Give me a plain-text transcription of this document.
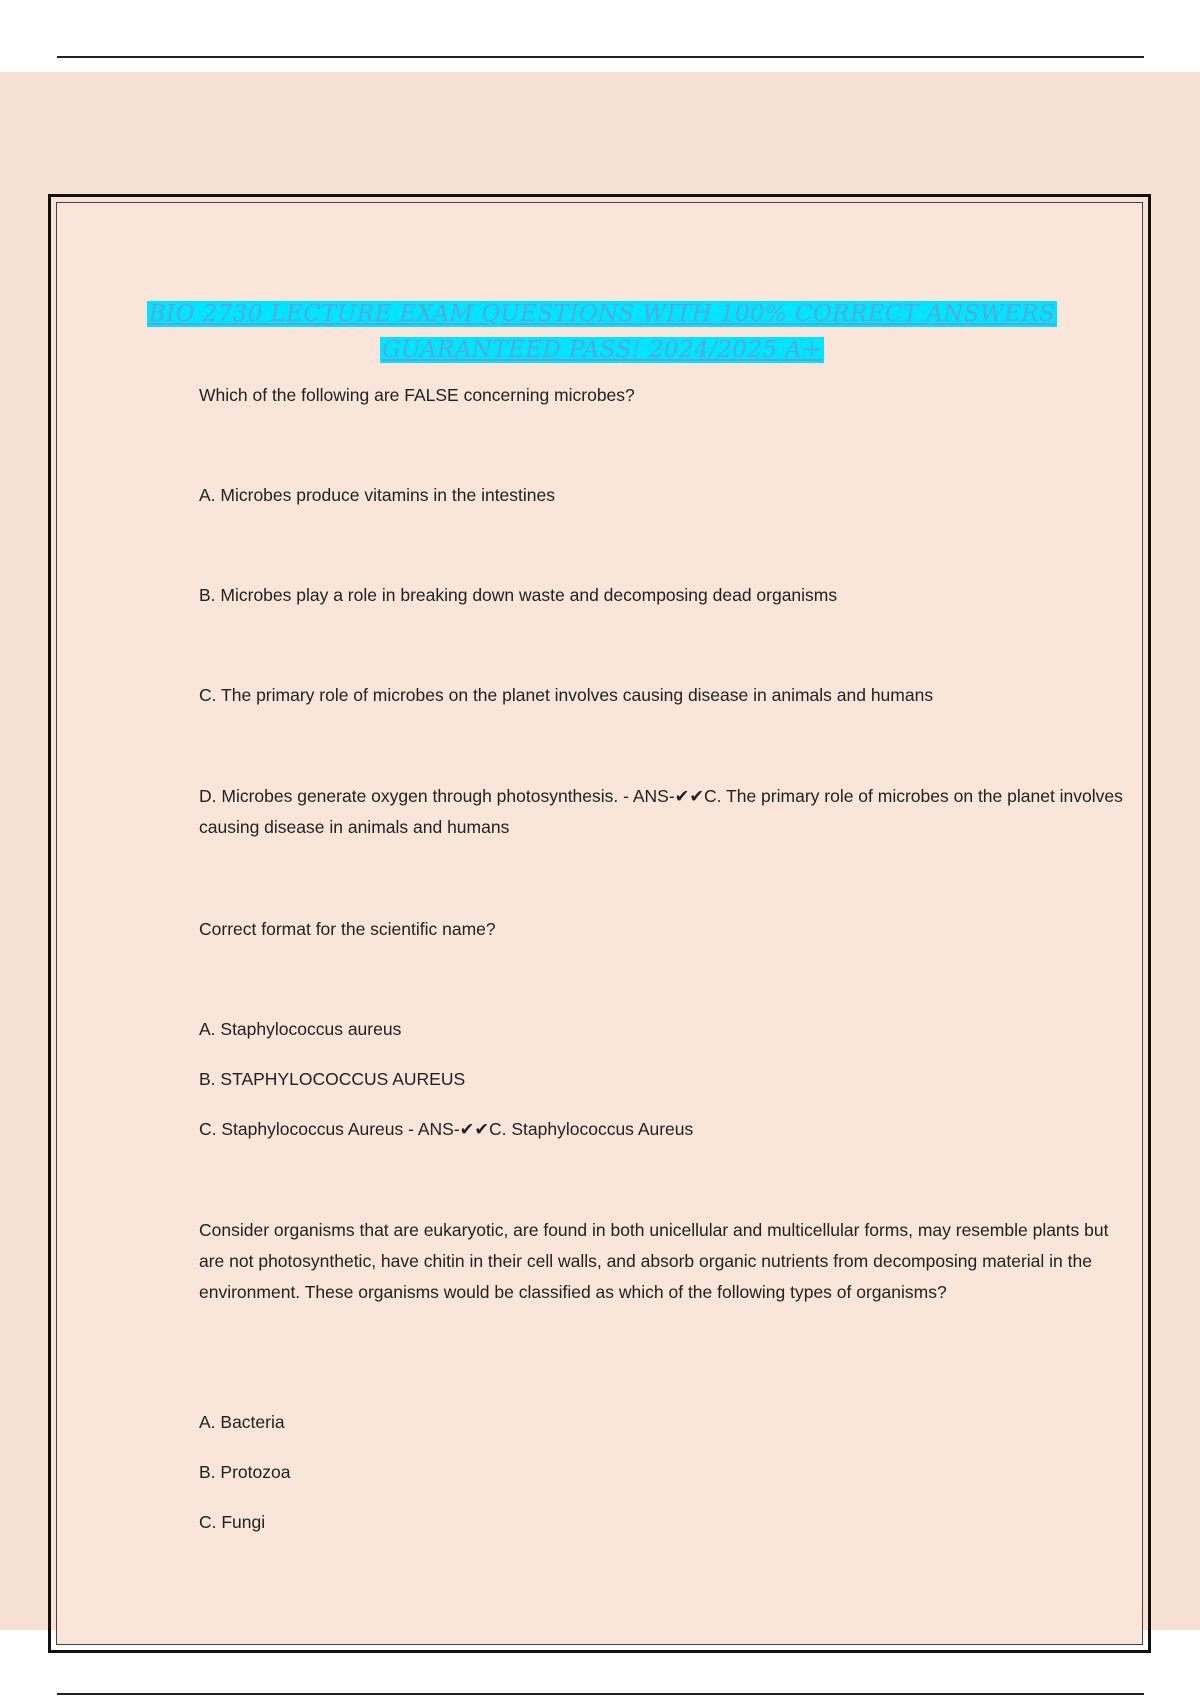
BIO 2730 LECTURE EXAM QUESTIONS WITH 100% CORRECT ANSWERS GUARANTEED PASS! 2024/2025 A+
Which of the following are FALSE concerning microbes?
A. Microbes produce vitamins in the intestines
B. Microbes play a role in breaking down waste and decomposing dead organisms
C. The primary role of microbes on the planet involves causing disease in animals and humans
D. Microbes generate oxygen through photosynthesis. - ANS-✔✔C. The primary role of microbes on the planet involves causing disease in animals and humans
Correct format for the scientific name?
A. Staphylococcus aureus
B. STAPHYLOCOCCUS AUREUS
C. Staphylococcus Aureus - ANS-✔✔C. Staphylococcus Aureus
Consider organisms that are eukaryotic, are found in both unicellular and multicellular forms, may resemble plants but are not photosynthetic, have chitin in their cell walls, and absorb organic nutrients from decomposing material in the environment. These organisms would be classified as which of the following types of organisms?
A. Bacteria
B. Protozoa
C. Fungi
